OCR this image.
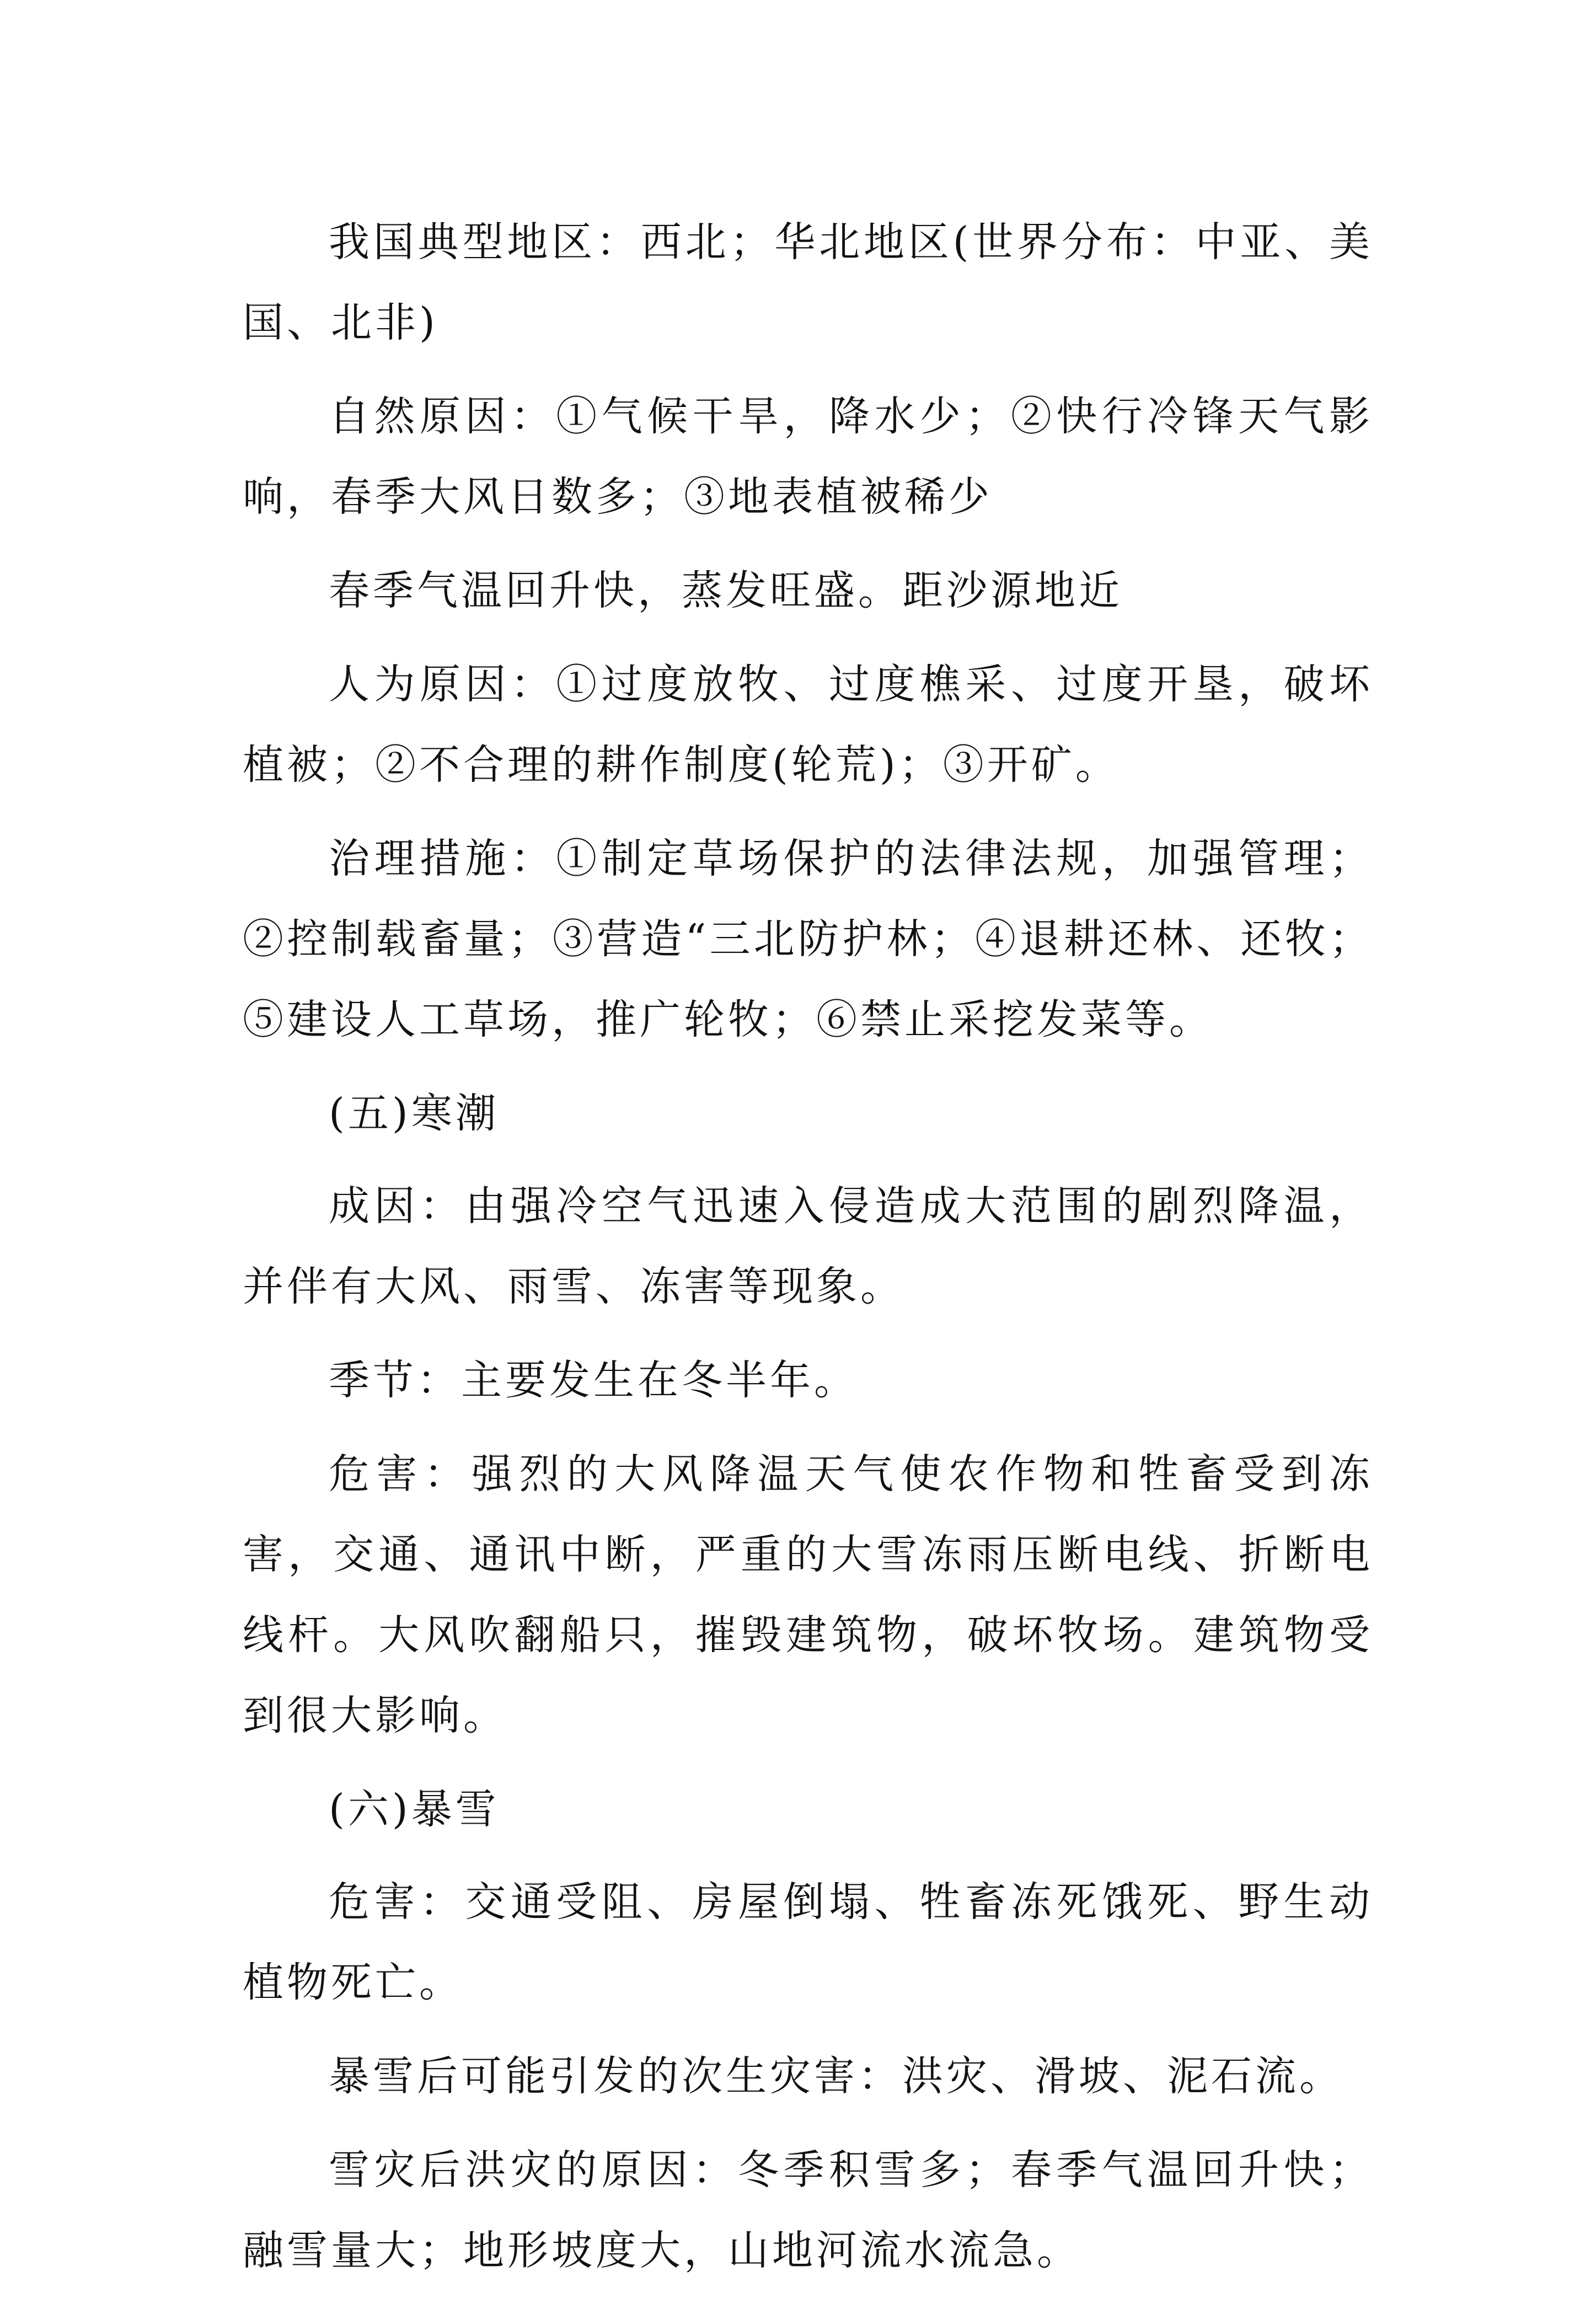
我国典型地区：西北；华北地区(世界分布：中亚、美国、北非)

自然原因：①气候干旱，降水少；②快行冷锋天气影响，春季大风日数多；③地表植被稀少

春季气温回升快，蒸发旺盛。距沙源地近

人为原因：①过度放牧、过度樵采、过度开垦，破坏植被；②不合理的耕作制度(轮荒)；③开矿。

治理措施：①制定草场保护的法律法规，加强管理；②控制载畜量；③营造“三北防护林；④退耕还林、还牧；⑤建设人工草场，推广轮牧；⑥禁止采挖发菜等。

(五)寒潮

成因：由强冷空气迅速入侵造成大范围的剧烈降温，并伴有大风、雨雪、冻害等现象。

季节：主要发生在冬半年。

危害：强烈的大风降温天气使农作物和牲畜受到冻害，交通、通讯中断，严重的大雪冻雨压断电线、折断电线杆。大风吹翻船只，摧毁建筑物，破坏牧场。建筑物受到很大影响。

(六)暴雪

危害：交通受阻、房屋倒塌、牲畜冻死饿死、野生动植物死亡。

暴雪后可能引发的次生灾害：洪灾、滑坡、泥石流。

雪灾后洪灾的原因：冬季积雪多；春季气温回升快；融雪量大；地形坡度大，山地河流水流急。
